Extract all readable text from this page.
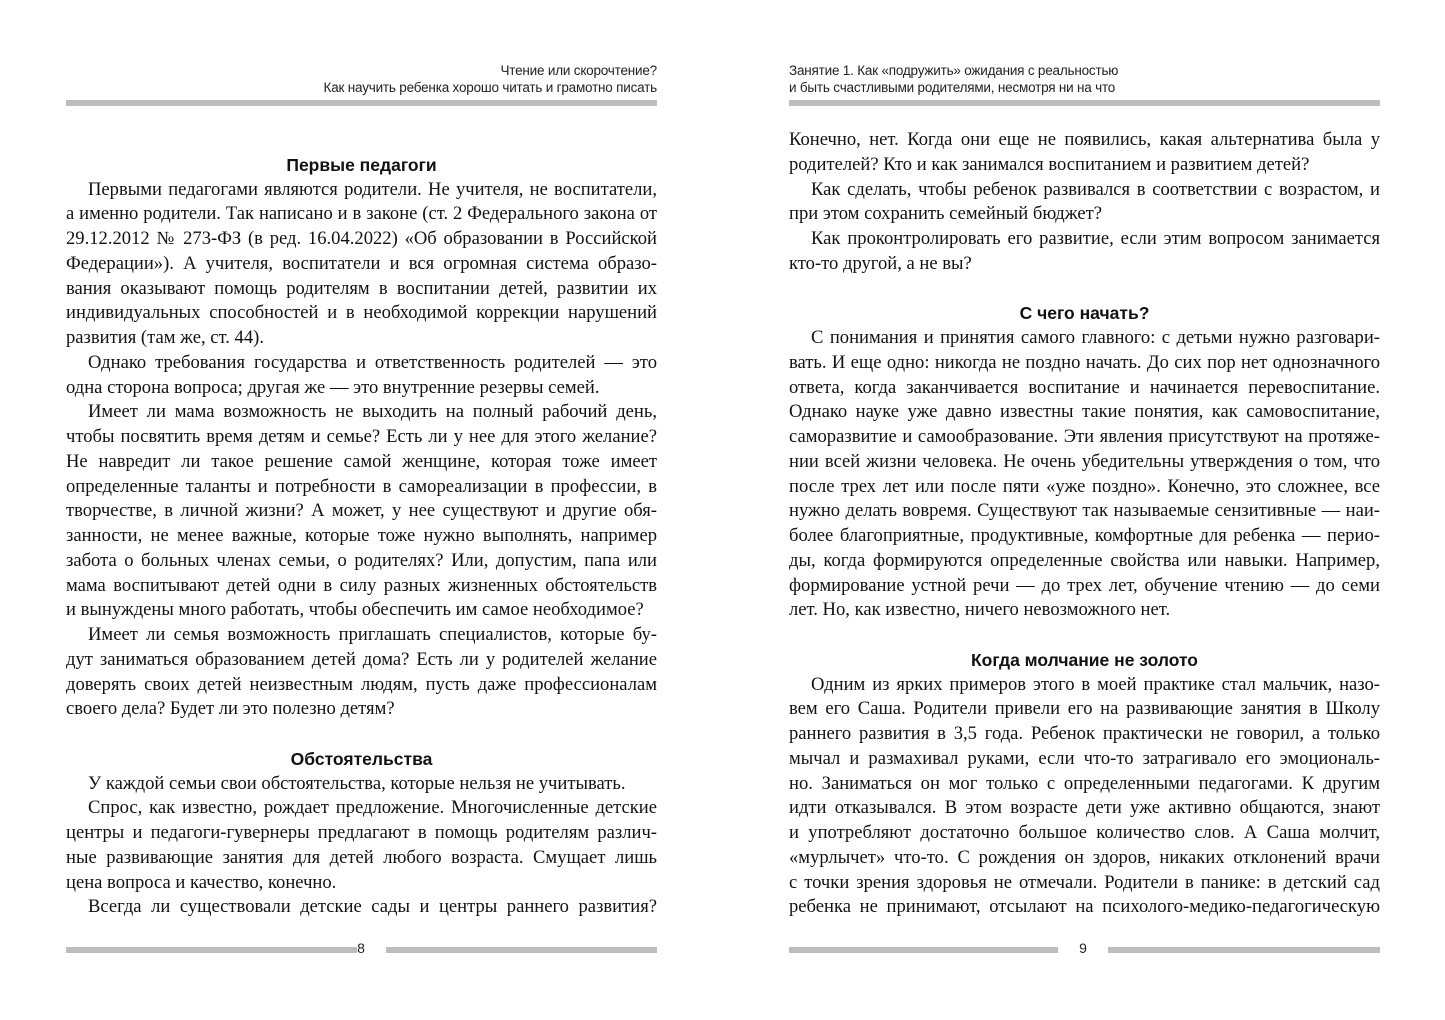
Чтение или скорочтение?
Как научить ребенка хорошо читать и грамотно писать
Первые педагоги
Первыми педагогами являются родители. Не учителя, не воспитатели,
а именно родители. Так написано и в законе (ст. 2 Федерального закона от
29.12.2012 № 273-ФЗ (в ред. 16.04.2022) «Об образовании в Российской
Федерации»). А учителя, воспитатели и вся огромная система образо-
вания оказывают помощь родителям в воспитании детей, развитии их
индивидуальных способностей и в необходимой коррекции нарушений
развития (там же, ст. 44).
Однако требования государства и ответственность родителей — это
одна сторона вопроса; другая же — это внутренние резервы семей.
Имеет ли мама возможность не выходить на полный рабочий день,
чтобы посвятить время детям и семье? Есть ли у нее для этого желание?
Не навредит ли такое решение самой женщине, которая тоже имеет
определенные таланты и потребности в самореализации в профессии, в
творчестве, в личной жизни? А может, у нее существуют и другие обя-
занности, не менее важные, которые тоже нужно выполнять, например
забота о больных членах семьи, о родителях? Или, допустим, папа или
мама воспитывают детей одни в силу разных жизненных обстоятельств
и вынуждены много работать, чтобы обеспечить им самое необходимое?
Имеет ли семья возможность приглашать специалистов, которые бу-
дут заниматься образованием детей дома? Есть ли у родителей желание
доверять своих детей неизвестным людям, пусть даже профессионалам
своего дела? Будет ли это полезно детям?
Обстоятельства
У каждой семьи свои обстоятельства, которые нельзя не учитывать.
Спрос, как известно, рождает предложение. Многочисленные детские
центры и педагоги-гувернеры предлагают в помощь родителям различ-
ные развивающие занятия для детей любого возраста. Смущает лишь
цена вопроса и качество, конечно.
Всегда ли существовали детские сады и центры раннего развития?
8
Занятие 1. Как «подружить» ожидания с реальностью
и быть счастливыми родителями, несмотря ни на что
Конечно, нет. Когда они еще не появились, какая альтернатива была у
родителей? Кто и как занимался воспитанием и развитием детей?
Как сделать, чтобы ребенок развивался в соответствии с возрастом, и
при этом сохранить семейный бюджет?
Как проконтролировать его развитие, если этим вопросом занимается
кто-то другой, а не вы?
С чего начать?
С понимания и принятия самого главного: с детьми нужно разговари-
вать. И еще одно: никогда не поздно начать. До сих пор нет однозначного
ответа, когда заканчивается воспитание и начинается перевоспитание.
Однако науке уже давно известны такие понятия, как самовоспитание,
саморазвитие и самообразование. Эти явления присутствуют на протяже-
нии всей жизни человека. Не очень убедительны утверждения о том, что
после трех лет или после пяти «уже поздно». Конечно, это сложнее, все
нужно делать вовремя. Существуют так называемые сензитивные — наи-
более благоприятные, продуктивные, комфортные для ребенка — перио-
ды, когда формируются определенные свойства или навыки. Например,
формирование устной речи — до трех лет, обучение чтению — до семи
лет. Но, как известно, ничего невозможного нет.
Когда молчание не золото
Одним из ярких примеров этого в моей практике стал мальчик, назо-
вем его Саша. Родители привели его на развивающие занятия в Школу
раннего развития в 3,5 года. Ребенок практически не говорил, а только
мычал и размахивал руками, если что-то затрагивало его эмоциональ-
но. Заниматься он мог только с определенными педагогами. К другим
идти отказывался. В этом возрасте дети уже активно общаются, знают
и употребляют достаточно большое количество слов. А Саша молчит,
«мурлычет» что-то. С рождения он здоров, никаких отклонений врачи
с точки зрения здоровья не отмечали. Родители в панике: в детский сад
ребенка не принимают, отсылают на психолого-медико-педагогическую
9
